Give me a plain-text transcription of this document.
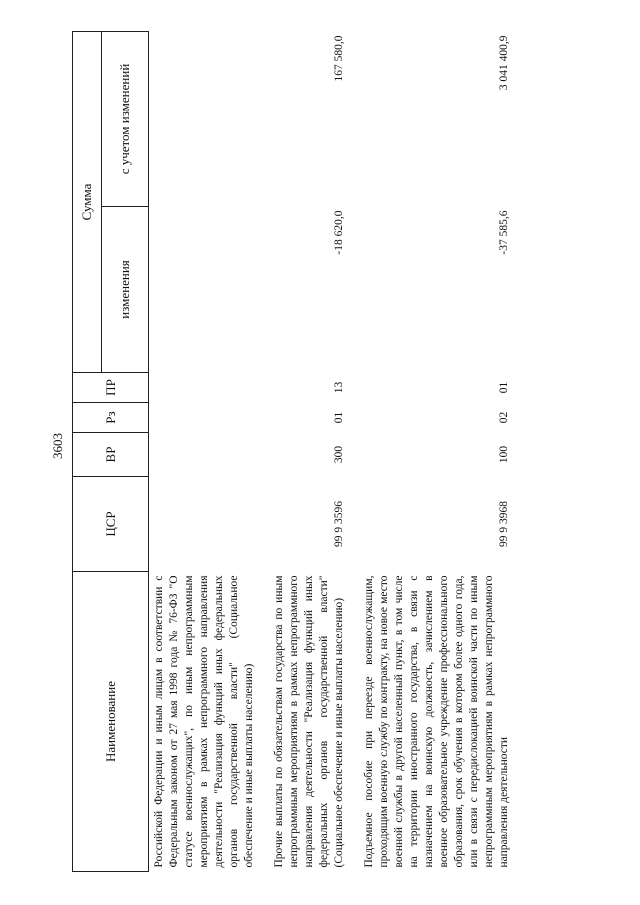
3603
Наименование	ЦСР	ВР	Рз	ПР	Сумма	
					изменения	с учетом изменений
Российской Федерации и иным лицам в соответствии с Федеральным законом от 27 мая 1998 года № 76-ФЗ "О статусе военнослужащих", по иным непрограммным мероприятиям в рамках непрограммного направления деятельности "Реализация функций иных федеральных органов государственной власти" (Социальное обеспечение и иные выплаты населению)						
Прочие выплаты по обязательствам государства по иным непрограммным мероприятиям в рамках непрограммного направления деятельности "Реализация функций иных федеральных органов государственной власти" (Социальное обеспечение и иные выплаты населению)	99 9 3596	300	01	13	-18 620,0	167 580,0
Подъемное пособие при переезде военнослужащим, проходящим военную службу по контракту, на новое место военной службы в другой населенный пункт, в том числе на территории иностранного государства, в связи с назначением на воинскую должность, зачислением в военное образовательное учреждение профессионального образования, срок обучения в котором более одного года, или в связи с передислокацией воинской части по иным непрограммным мероприятиям в рамках непрограммного направления деятельности	99 9 3968	100	02	01	-37 585,6	3 041 400,9
